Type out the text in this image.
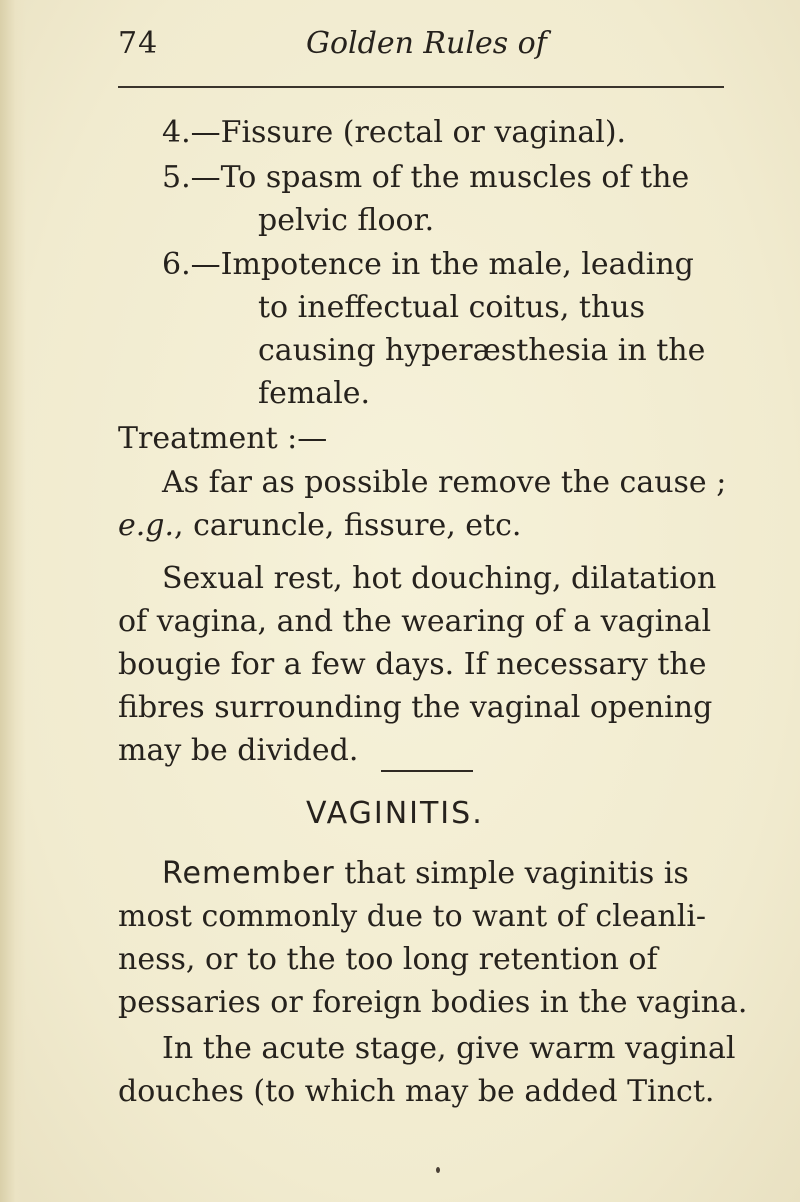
74	Golden Rules of
4.—Fissure (rectal or vaginal).
5.—To spasm of the muscles of the
pelvic floor.
6.—Impotence in the male, leading
to ineffectual coitus, thus
causing hyperæsthesia in the
female.
Treatment :—
As far as possible remove the cause ;
e.g., caruncle, fissure, etc.
Sexual rest, hot douching, dilatation
of vagina, and the wearing of a vaginal
bougie for a few days. If necessary the
fibres surrounding the vaginal opening
may be divided.
VAGINITIS.
Remember that simple vaginitis is
most commonly due to want of cleanli-
ness, or to the too long retention of
pessaries or foreign bodies in the vagina.
In the acute stage, give warm vaginal
douches (to which may be added Tinct.
